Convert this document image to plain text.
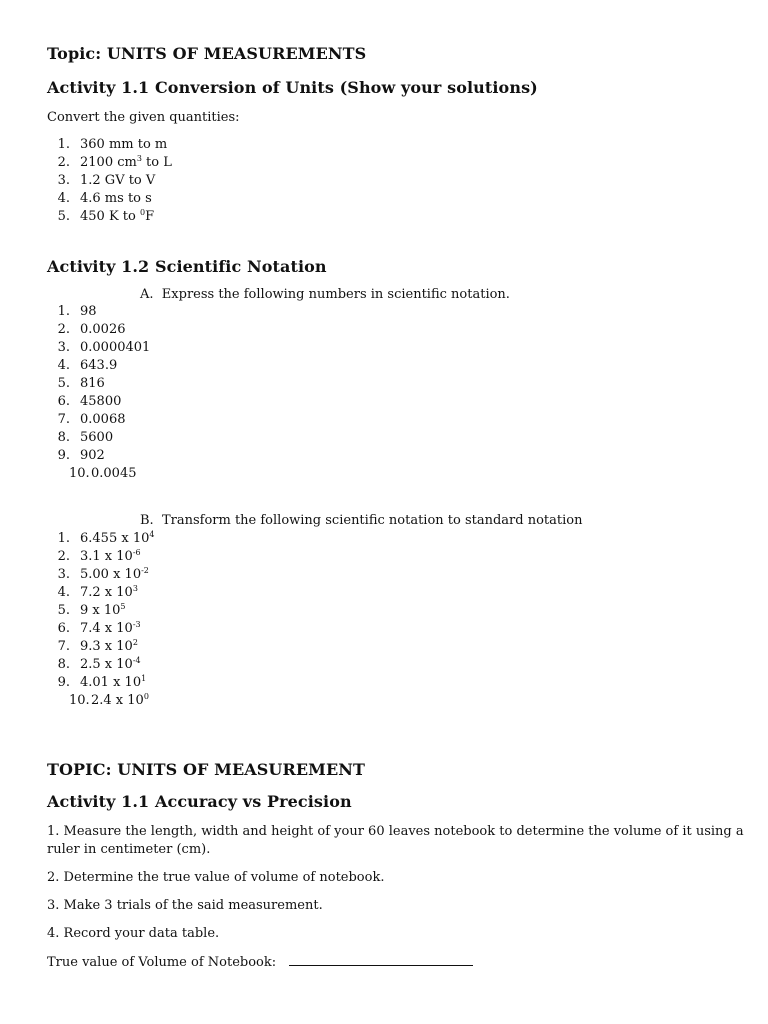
Topic: UNITS OF MEASUREMENTS
Activity 1.1 Conversion of Units (Show your solutions)
Convert the given quantities:
1. 360 mm to m
2. 2100 $cm^3$ to L
3. 1.2 GV to V
4. 4.6 ms to s
5. 450 K to $^0$F
Activity 1.2 Scientific Notation
A. Express the following numbers in scientific notation.
1. 98
2. 0.0026
3. 0.0000401
4. 643.9
5. 816
6. 45800
7. 0.0068
8. 5600
9. 902
10. 0.0045
B. Transform the following scientific notation to standard notation
1. 6.455 x $10^4$
2. 3.1 x $10^{-6}$
3. 5.00 x $10^{-2}$
4. 7.2 x $10^3$
5. 9 x $10^5$
6. 7.4 x $10^{-3}$
7. 9.3 x $10^2$
8. 2.5 x $10^{-4}$
9. 4.01 x $10^1$
10. 2.4 x $10^0$
TOPIC: UNITS OF MEASUREMENT
Activity 1.1 Accuracy vs Precision
1. Measure the length, width and height of your 60 leaves notebook to determine the volume of it using a ruler in centimeter (cm).
2. Determine the true value of volume of notebook.
3. Make 3 trials of the said measurement.
4. Record your data table.
True value of Volume of Notebook:
